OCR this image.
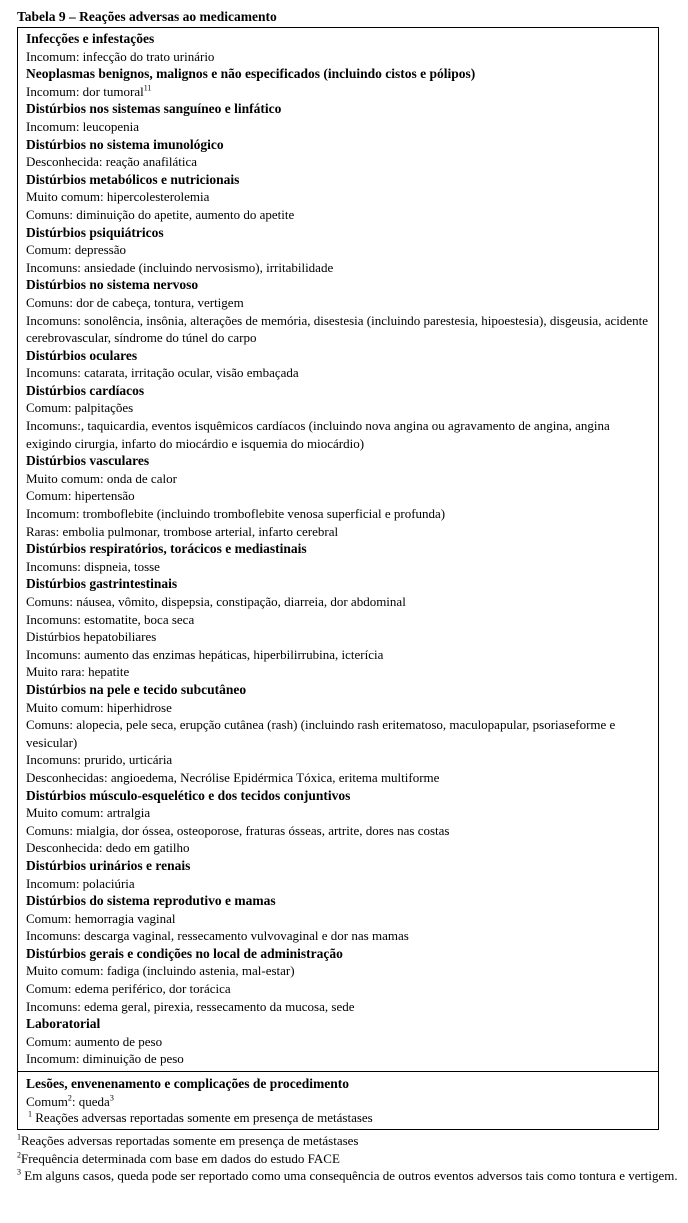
Tabela 9 – Reações adversas ao medicamento
Infecções e infestações
Incomum: infecção do trato urinário
Neoplasmas benignos, malignos e não especificados (incluindo cistos e pólipos)
Incomum: dor tumoral$^{11}$
Distúrbios nos sistemas sanguíneo e linfático
Incomum: leucopenia
Distúrbios no sistema imunológico
Desconhecida: reação anafilática
Distúrbios metabólicos e nutricionais
Muito comum: hipercolesterolemia
Comuns: diminuição do apetite, aumento do apetite
Distúrbios psiquiátricos
Comum: depressão
Incomuns: ansiedade (incluindo nervosismo), irritabilidade
Distúrbios no sistema nervoso
Comuns: dor de cabeça, tontura, vertigem
Incomuns: sonolência, insônia, alterações de memória, disestesia (incluindo parestesia, hipoestesia), disgeusia, acidente cerebrovascular, síndrome do túnel do carpo
Distúrbios oculares
Incomuns: catarata, irritação ocular, visão embaçada
Distúrbios cardíacos
Comum: palpitações
Incomuns:, taquicardia, eventos isquêmicos cardíacos (incluindo nova angina ou agravamento de angina, angina exigindo cirurgia, infarto do miocárdio e isquemia do miocárdio)
Distúrbios vasculares
Muito comum: onda de calor
Comum: hipertensão
Incomum: tromboflebite (incluindo tromboflebite venosa superficial e profunda)
Raras: embolia pulmonar, trombose arterial, infarto cerebral
Distúrbios respiratórios, torácicos e mediastinais
Incomuns: dispneia, tosse
Distúrbios gastrintestinais
Comuns: náusea, vômito, dispepsia, constipação, diarreia, dor abdominal
Incomuns: estomatite, boca seca
Distúrbios hepatobiliares
Incomuns: aumento das enzimas hepáticas, hiperbilirrubina, icterícia
Muito rara: hepatite
Distúrbios na pele e tecido subcutâneo
Muito comum: hiperhidrose
Comuns: alopecia, pele seca, erupção cutânea (rash) (incluindo rash eritematoso, maculopapular, psoriaseforme e vesicular)
Incomuns: prurido, urticária
Desconhecidas: angioedema, Necrólise Epidérmica Tóxica, eritema multiforme
Distúrbios músculo-esquelético e dos tecidos conjuntivos
Muito comum: artralgia
Comuns: mialgia, dor óssea, osteoporose, fraturas ósseas, artrite, dores nas costas
Desconhecida: dedo em gatilho
Distúrbios urinários e renais
Incomum: polaciúria
Distúrbios do sistema reprodutivo e mamas
Comum: hemorragia vaginal
Incomuns: descarga vaginal, ressecamento vulvovaginal e dor nas mamas
Distúrbios gerais e condições no local de administração
Muito comum: fadiga (incluindo astenia, mal-estar)
Comum: edema periférico, dor torácica
Incomuns: edema geral, pirexia, ressecamento da mucosa, sede
Laboratorial
Comum: aumento de peso
Incomum: diminuição de peso
Lesões, envenenamento e complicações de procedimento
Comum$^2$: queda$^3$
$^1$ Reações adversas reportadas somente em presença de metástases
$^1$Reações adversas reportadas somente em presença de metástases
$^2$Frequência determinada com base em dados do estudo FACE
$^3$ Em alguns casos, queda pode ser reportado como uma consequência de outros eventos adversos tais como tontura e vertigem.
